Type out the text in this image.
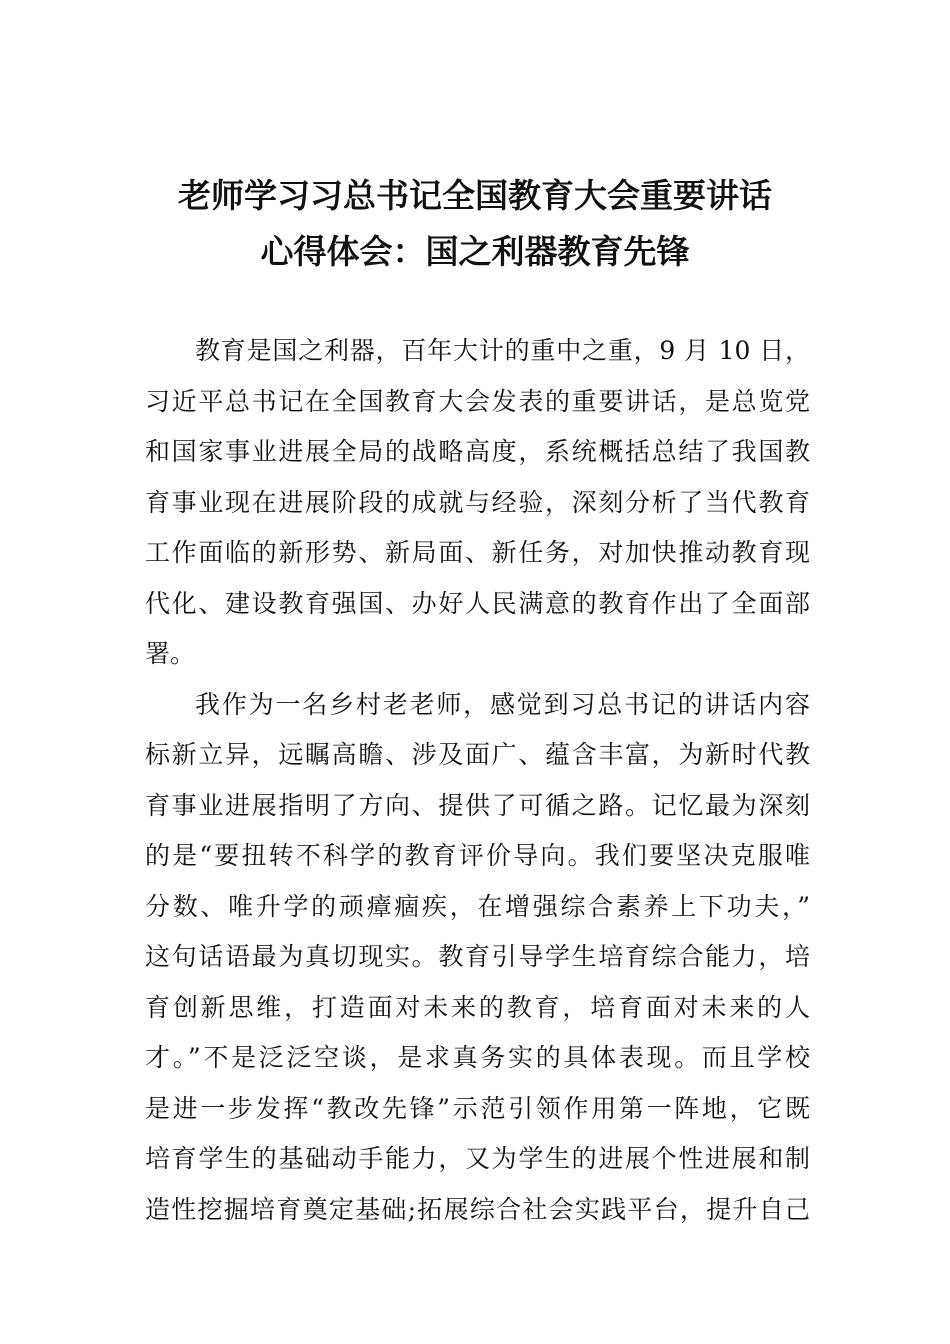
老师学习习总书记全国教育大会重要讲话
心得体会：国之利器教育先锋

教育是国之利器，百年大计的重中之重，9 月 10 日，
习近平总书记在全国教育大会发表的重要讲话，是总览党
和国家事业进展全局的战略高度，系统概括总结了我国教
育事业现在进展阶段的成就与经验，深刻分析了当代教育
工作面临的新形势、新局面、新任务，对加快推动教育现
代化、建设教育强国、办好人民满意的教育作出了全面部
署。

我作为一名乡村老老师，感觉到习总书记的讲话内容
标新立异，远瞩高瞻、涉及面广、蕴含丰富，为新时代教
育事业进展指明了方向、提供了可循之路。记忆最为深刻
的是“要扭转不科学的教育评价导向。我们要坚决克服唯
分数、唯升学的顽瘴痼疾，在增强综合素养上下功夫，”
这句话语最为真切现实。教育引导学生培育综合能力，培
育创新思维，打造面对未来的教育，培育面对未来的人
才。”不是泛泛空谈，是求真务实的具体表现。而且学校
是进一步发挥“教改先锋”示范引领作用第一阵地，它既
培育学生的基础动手能力，又为学生的进展个性进展和制
造性挖掘培育奠定基础;拓展综合社会实践平台，提升自己
